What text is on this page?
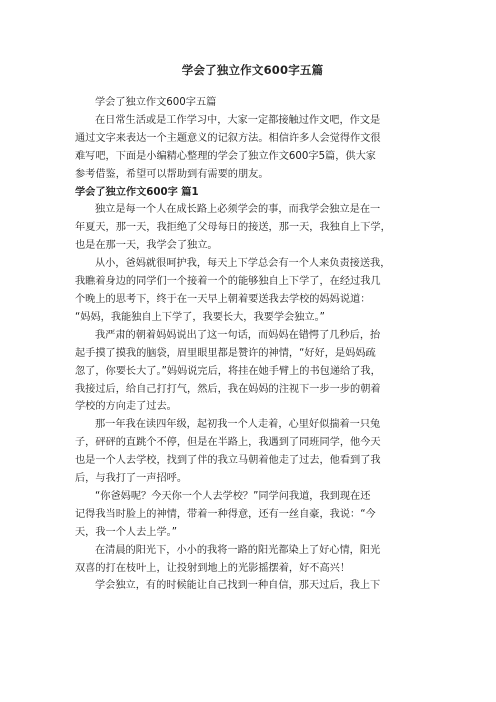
学会了独立作文600字五篇

学会了独立作文600字五篇

在日常生活或是工作学习中，大家一定都接触过作文吧，作文是

通过文字来表达一个主题意义的记叙方法。相信许多人会觉得作文很

难写吧，下面是小编精心整理的学会了独立作文600字5篇，供大家

参考借鉴，希望可以帮助到有需要的朋友。

学会了独立作文600字 篇1

独立是每一个人在成长路上必须学会的事，而我学会独立是在一

年夏天，那一天，我拒绝了父母每日的接送，那一天，我独自上下学，

也是在那一天，我学会了独立。

从小，爸妈就很呵护我，每天上下学总会有一个人来负责接送我，

我瞧着身边的同学们一个接着一个的能够独自上下学了，在经过我几

个晚上的思考下，终于在一天早上朝着要送我去学校的妈妈说道：

“妈妈，我能独自上下学了，我要长大，我要学会独立。”

我严肃的朝着妈妈说出了这一句话，而妈妈在错愕了几秒后，抬

起手摸了摸我的脑袋，眉里眼里都是赞许的神情，“好好，是妈妈疏

忽了，你要长大了。”妈妈说完后，将挂在她手臂上的书包递给了我，

我接过后，给自己打打气，然后，我在妈妈的注视下一步一步的朝着

学校的方向走了过去。

那一年我在读四年级，起初我一个人走着，心里好似揣着一只兔

子，砰砰的直跳个不停，但是在半路上，我遇到了同班同学，他今天

也是一个人去学校，找到了伴的我立马朝着他走了过去，他看到了我

后，与我打了一声招呼。

“你爸妈呢？今天你一个人去学校？”同学问我道，我到现在还

记得我当时脸上的神情，带着一种得意，还有一丝自豪，我说：“今

天，我一个人去上学。”

在清晨的阳光下，小小的我将一路的阳光都染上了好心情，阳光

双喜的打在枝叶上，让投射到地上的光影摇摆着，好不高兴！

学会独立，有的时候能让自己找到一种自信，那天过后，我上下
